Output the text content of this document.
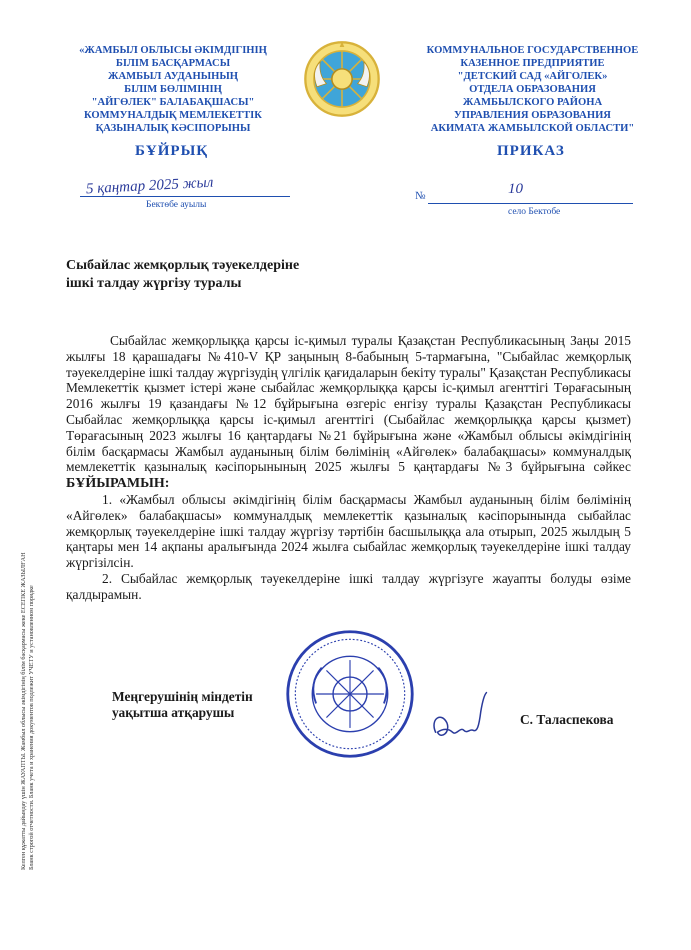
Келген құжатты дайындау үшін ЖАУАПТЫ. Жамбыл облысы әкімдігінің білім басқармасы жеке ЕСЕПКЕ ЖАЗЫЛҒАН Бланк строгой отчетности. Бланк учета и хранения документов подлежит УЧЕТУ и установленном порядке
«ЖАМБЫЛ ОБЛЫСЫ ӘКІМДІГІНІҢ
БІЛІМ БАСҚАРМАСЫ
ЖАМБЫЛ АУДАНЫНЫҢ
БІЛІМ БӨЛІМІНІҢ
"АЙГӨЛЕК" БАЛАБАҚШАСЫ"
КОММУНАЛДЫҚ МЕМЛЕКЕТТІК
ҚАЗЫНАЛЫҚ КӘСІПОРЫНЫ
КОММУНАЛЬНОЕ ГОСУДАРСТВЕННОЕ
КАЗЕННОЕ ПРЕДПРИЯТИЕ
"ДЕТСКИЙ САД «АЙГОЛЕК»
ОТДЕЛА ОБРАЗОВАНИЯ
ЖАМБЫЛСКОГО РАЙОНА
УПРАВЛЕНИЯ ОБРАЗОВАНИЯ
АКИМАТА ЖАМБЫЛСКОЙ ОБЛАСТИ"
БҰЙРЫҚ	ПРИКАЗ
5 қаңтар 2025 жыл
Бектөбе ауылы
№	10
село Бектобе
Сыбайлас жемқорлық тәуекелдеріне
ішкі талдау жүргізу туралы

Сыбайлас жемқорлыққа қарсы іс-қимыл туралы Қазақстан Республикасының Заңы 2015 жылғы 18 қарашадағы №410-V ҚР заңының 8-бабының 5-тармағына, "Сыбайлас жемқорлық тәуекелдеріне ішкі талдау жүргізудің үлгілік қағидаларын бекіту туралы" Қазақстан Республикасы Мемлекеттік қызмет істері және сыбайлас жемқорлыққа қарсы іс-қимыл агенттігі Төрағасының 2016 жылғы 19 қазандағы №12 бұйрығына өзгеріс енгізу туралы Қазақстан Республикасы Сыбайлас жемқорлыққа қарсы іс-қимыл агенттігі (Сыбайлас жемқорлыққа қарсы қызмет) Төрағасының 2023 жылғы 16 қаңтардағы №21 бұйрығына және «Жамбыл облысы әкімдігінің білім басқармасы Жамбыл ауданының білім бөлімінің «Айгөлек» балабақшасы» коммуналдық мемлекеттік қазыналық кәсіпорынының 2025 жылғы 5 қаңтардағы №3 бұйрығына сәйкес БҰЙЫРАМЫН:

1. «Жамбыл облысы әкімдігінің білім басқармасы Жамбыл ауданының білім бөлімінің «Айгөлек» балабақшасы» коммуналдық мемлекеттік қазыналық кәсіпорынында сыбайлас жемқорлық тәуекелдеріне ішкі талдау жүргізу тәртібін басшылыққа ала отырып, 2025 жылдың 5 қаңтары мен 14 ақпаны аралығында 2024 жылға сыбайлас жемқорлық тәуекелдеріне ішкі талдау жүргізілсін.

2. Сыбайлас жемқорлық тәуекелдеріне ішкі талдау жүргізуге жауапты болуды өзіме қалдырамын.

Меңгерушінің міндетін
уақытша атқарушы	С. Таласпекова
